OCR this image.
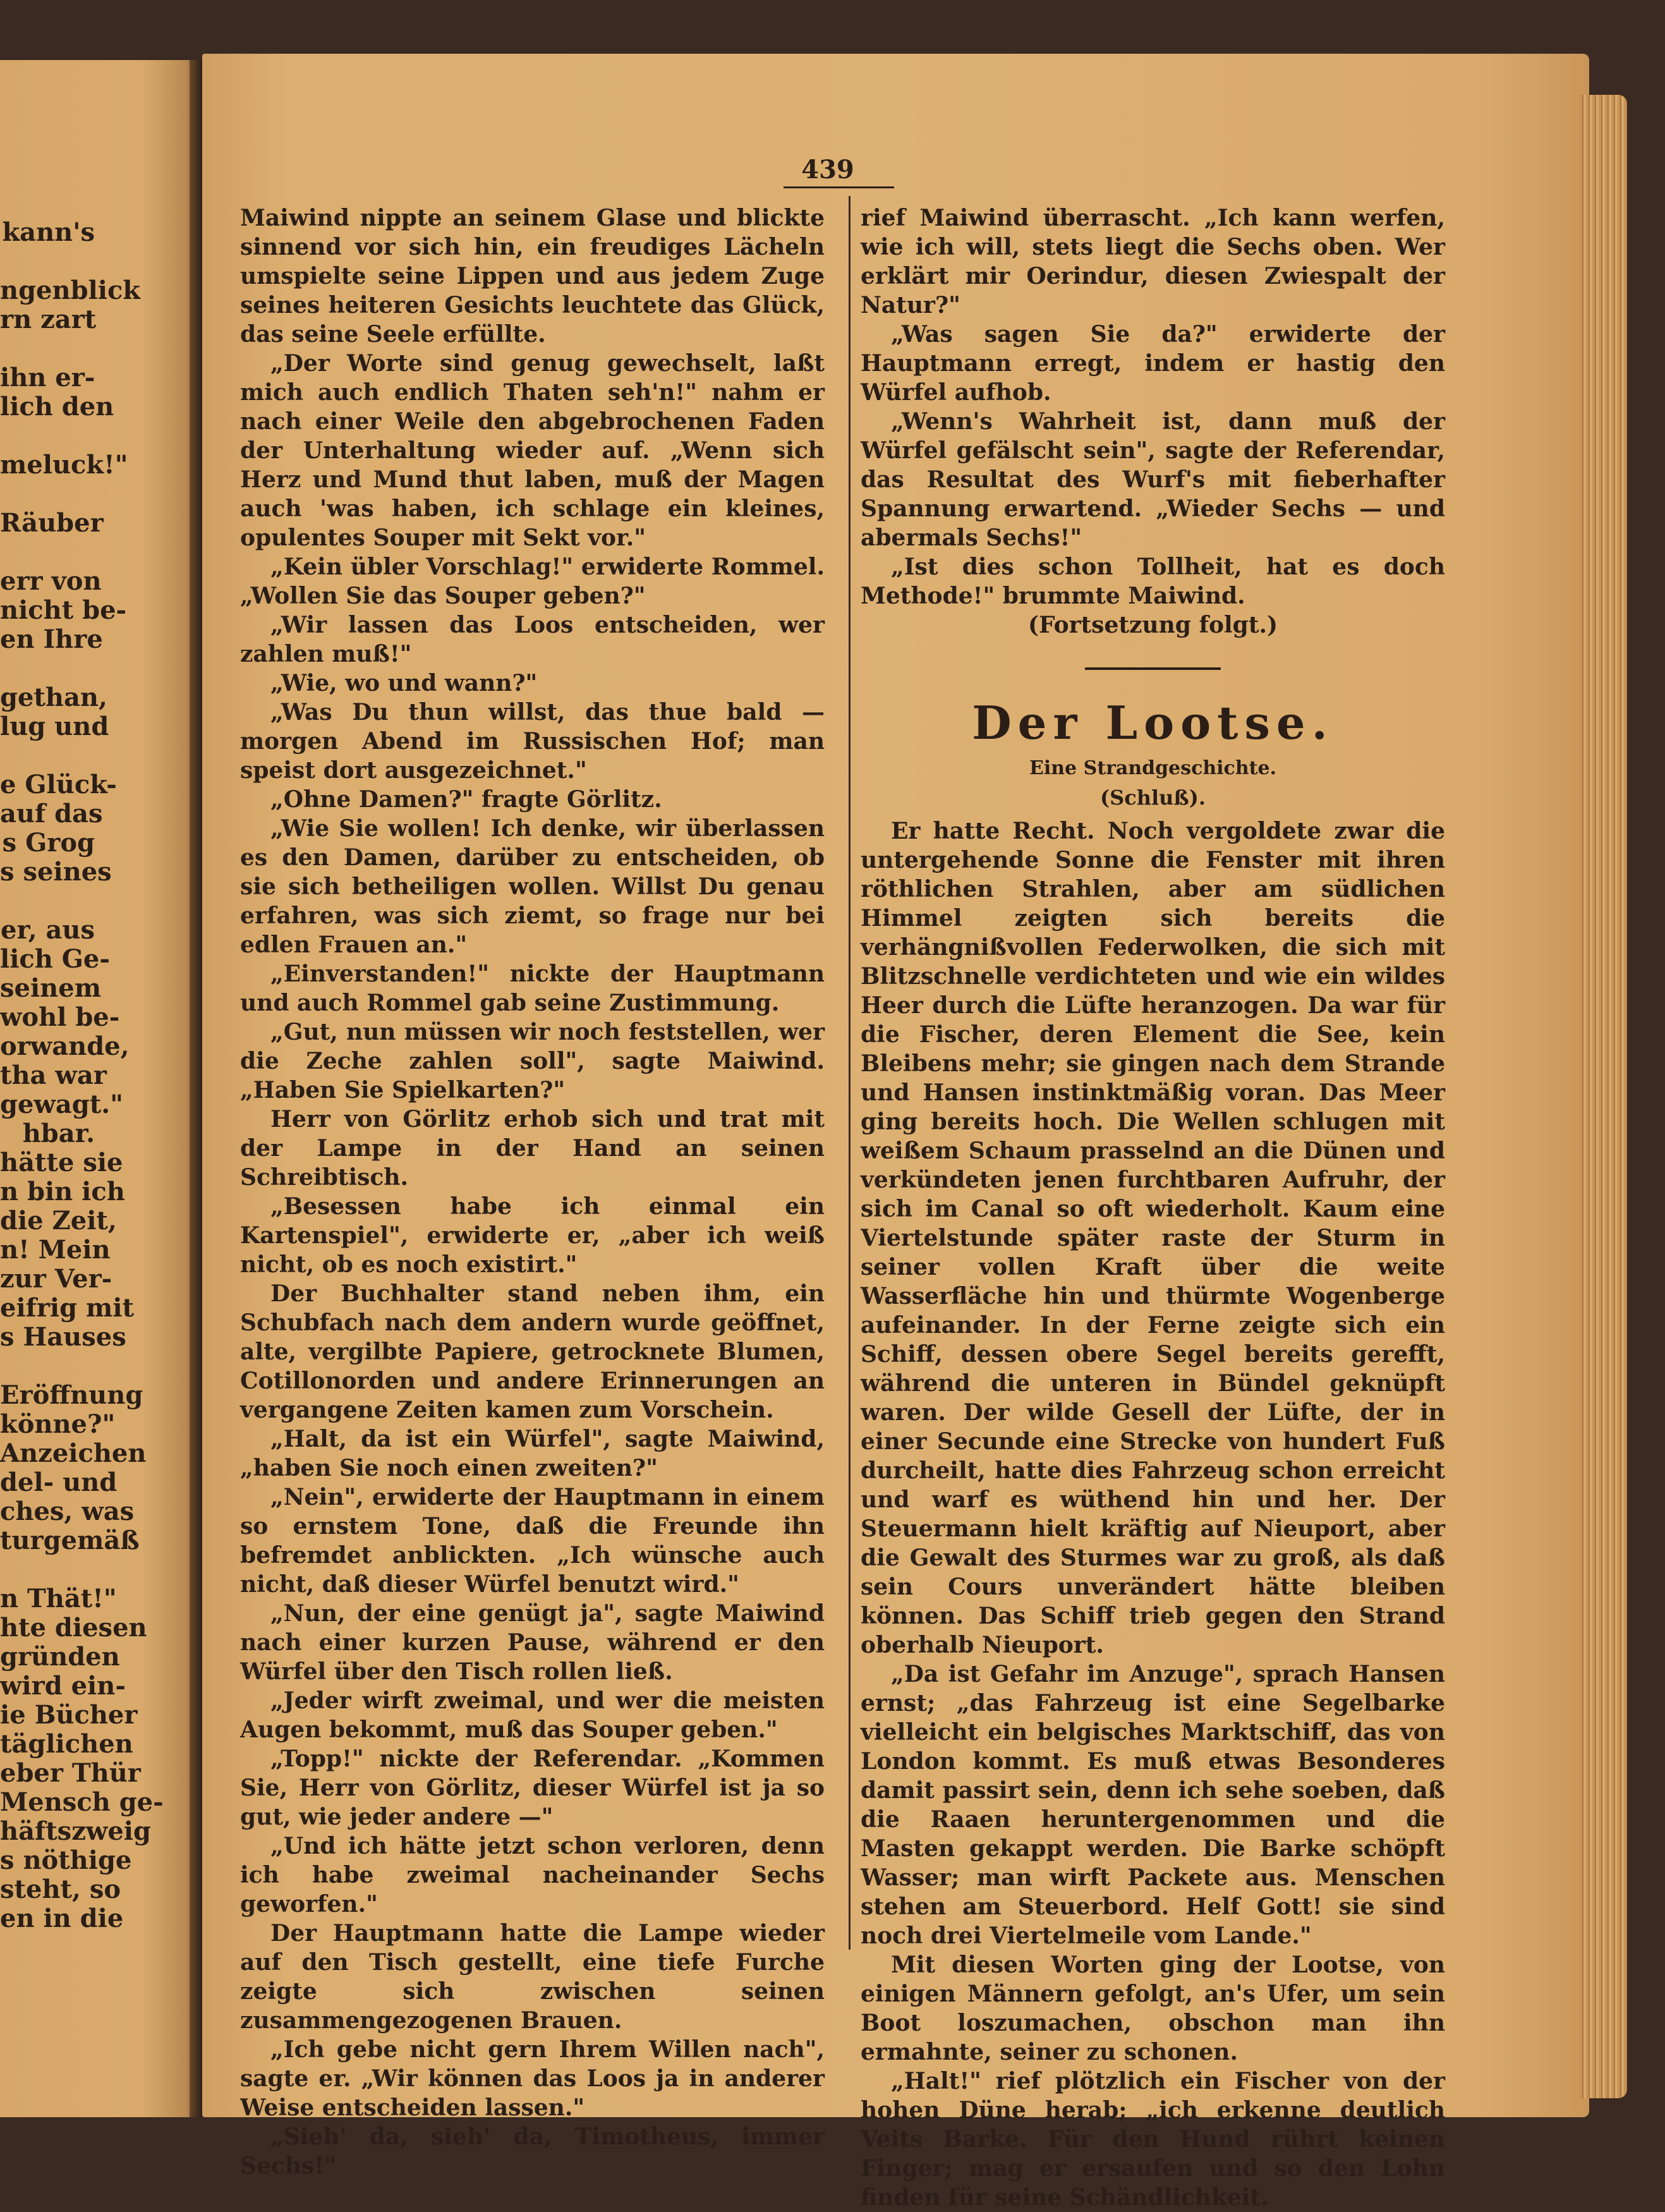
kann's

ngenblick
rn zart

ihn er-
lich den

meluck!"

Räuber

err von
nicht be-
en Ihre

gethan,
lug und

e Glück-
auf das
s Grog
s seines

er, aus
lich Ge-
seinem
wohl be-
orwande,
tha war
gewagt."
hbar.
hätte sie
n bin ich
die Zeit,
n! Mein
zur Ver-
eifrig mit
s Hauses

Eröffnung
könne?"
Anzeichen
del- und
ches, was
turgemäß

n Thät!"
hte diesen
gründen
wird ein-
ie Bücher
täglichen
eber Thür
Mensch ge-
häftszweig
s nöthige
steht, so
en in die
439

Maiwind nippte an seinem Glase und blickte sinnend vor sich hin, ein freudiges Lächeln umspielte seine Lippen und aus jedem Zuge seines heiteren Gesichts leuchtete das Glück, das seine Seele erfüllte.

„Der Worte sind genug gewechselt, laßt mich auch endlich Thaten seh'n!" nahm er nach einer Weile den abgebrochenen Faden der Unterhaltung wieder auf. „Wenn sich Herz und Mund thut laben, muß der Magen auch 'was haben, ich schlage ein kleines, opulentes Souper mit Sekt vor."

„Kein übler Vorschlag!" erwiderte Rommel. „Wollen Sie das Souper geben?"

„Wir lassen das Loos entscheiden, wer zahlen muß!"

„Wie, wo und wann?"

„Was Du thun willst, das thue bald — morgen Abend im Russischen Hof; man speist dort ausgezeichnet."

„Ohne Damen?" fragte Görlitz.

„Wie Sie wollen! Ich denke, wir überlassen es den Damen, darüber zu entscheiden, ob sie sich betheiligen wollen. Willst Du genau erfahren, was sich ziemt, so frage nur bei edlen Frauen an."

„Einverstanden!" nickte der Hauptmann und auch Rommel gab seine Zustimmung.

„Gut, nun müssen wir noch feststellen, wer die Zeche zahlen soll", sagte Maiwind. „Haben Sie Spielkarten?"

Herr von Görlitz erhob sich und trat mit der Lampe in der Hand an seinen Schreibtisch.

„Besessen habe ich einmal ein Kartenspiel", erwiderte er, „aber ich weiß nicht, ob es noch existirt."

Der Buchhalter stand neben ihm, ein Schubfach nach dem andern wurde geöffnet, alte, vergilbte Papiere, getrocknete Blumen, Cotillonorden und andere Erinnerungen an vergangene Zeiten kamen zum Vorschein.

„Halt, da ist ein Würfel", sagte Maiwind, „haben Sie noch einen zweiten?"

„Nein", erwiderte der Hauptmann in einem so ernstem Tone, daß die Freunde ihn befremdet anblickten. „Ich wünsche auch nicht, daß dieser Würfel benutzt wird."

„Nun, der eine genügt ja", sagte Maiwind nach einer kurzen Pause, während er den Würfel über den Tisch rollen ließ.

„Jeder wirft zweimal, und wer die meisten Augen bekommt, muß das Souper geben."

„Topp!" nickte der Referendar. „Kommen Sie, Herr von Görlitz, dieser Würfel ist ja so gut, wie jeder andere —"

„Und ich hätte jetzt schon verloren, denn ich habe zweimal nacheinander Sechs geworfen."

Der Hauptmann hatte die Lampe wieder auf den Tisch gestellt, eine tiefe Furche zeigte sich zwischen seinen zusammengezogenen Brauen.

„Ich gebe nicht gern Ihrem Willen nach", sagte er. „Wir können das Loos ja in anderer Weise entscheiden lassen."

„Sieh' da, sieh' da, Timotheus, immer Sechs!"

rief Maiwind überrascht. „Ich kann werfen, wie ich will, stets liegt die Sechs oben. Wer erklärt mir Oerindur, diesen Zwiespalt der Natur?"

„Was sagen Sie da?" erwiderte der Hauptmann erregt, indem er hastig den Würfel aufhob.

„Wenn's Wahrheit ist, dann muß der Würfel gefälscht sein", sagte der Referendar, das Resultat des Wurf's mit fieberhafter Spannung erwartend. „Wieder Sechs — und abermals Sechs!"

„Ist dies schon Tollheit, hat es doch Methode!" brummte Maiwind.

(Fortsetzung folgt.)

Der Lootse.
Eine Strandgeschichte.
(Schluß).

Er hatte Recht. Noch vergoldete zwar die untergehende Sonne die Fenster mit ihren röthlichen Strahlen, aber am südlichen Himmel zeigten sich bereits die verhängnißvollen Federwolken, die sich mit Blitzschnelle verdichteten und wie ein wildes Heer durch die Lüfte heranzogen. Da war für die Fischer, deren Element die See, kein Bleibens mehr; sie gingen nach dem Strande und Hansen instinktmäßig voran. Das Meer ging bereits hoch. Die Wellen schlugen mit weißem Schaum prasselnd an die Dünen und verkündeten jenen furchtbaren Aufruhr, der sich im Canal so oft wiederholt. Kaum eine Viertelstunde später raste der Sturm in seiner vollen Kraft über die weite Wasserfläche hin und thürmte Wogenberge aufeinander. In der Ferne zeigte sich ein Schiff, dessen obere Segel bereits gerefft, während die unteren in Bündel geknüpft waren. Der wilde Gesell der Lüfte, der in einer Secunde eine Strecke von hundert Fuß durcheilt, hatte dies Fahrzeug schon erreicht und warf es wüthend hin und her. Der Steuermann hielt kräftig auf Nieuport, aber die Gewalt des Sturmes war zu groß, als daß sein Cours unverändert hätte bleiben können. Das Schiff trieb gegen den Strand oberhalb Nieuport.

„Da ist Gefahr im Anzuge", sprach Hansen ernst; „das Fahrzeug ist eine Segelbarke vielleicht ein belgisches Marktschiff, das von London kommt. Es muß etwas Besonderes damit passirt sein, denn ich sehe soeben, daß die Raaen heruntergenommen und die Masten gekappt werden. Die Barke schöpft Wasser; man wirft Packete aus. Menschen stehen am Steuerbord. Helf Gott! sie sind noch drei Viertelmeile vom Lande."

Mit diesen Worten ging der Lootse, von einigen Männern gefolgt, an's Ufer, um sein Boot loszumachen, obschon man ihn ermahnte, seiner zu schonen.

„Halt!" rief plötzlich ein Fischer von der hohen Düne herab; „ich erkenne deutlich Veits Barke. Für den Hund rührt keinen Finger; mag er ersaufen und so den Lohn finden für seine Schändlichkeit.
